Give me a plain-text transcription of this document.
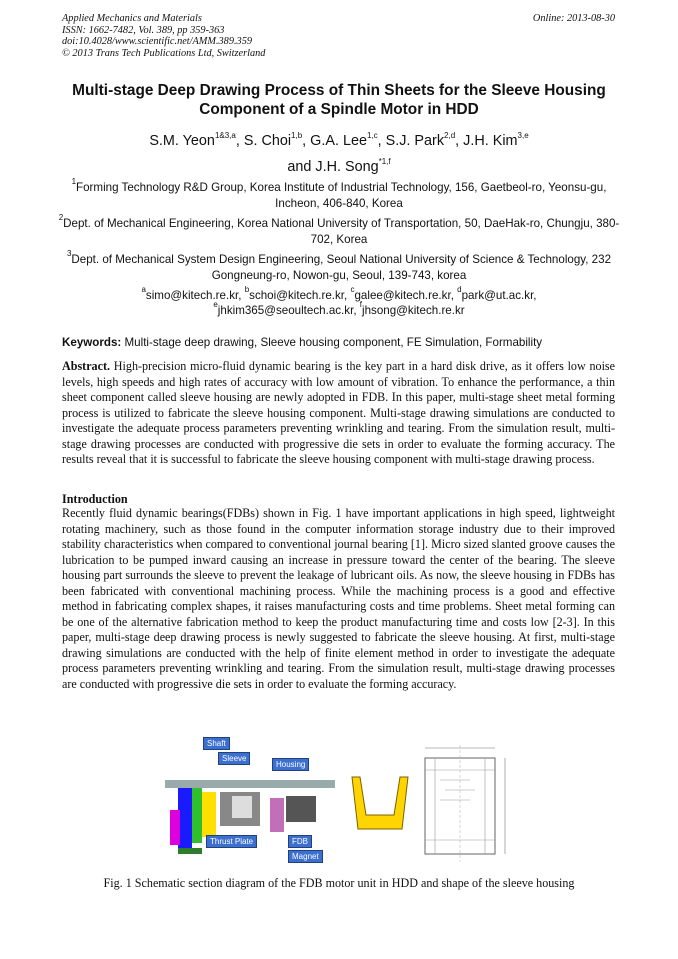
Applied Mechanics and Materials
ISSN: 1662-7482, Vol. 389, pp 359-363
doi:10.4028/www.scientific.net/AMM.389.359
© 2013 Trans Tech Publications Ltd, Switzerland
Online: 2013-08-30
Multi-stage Deep Drawing Process of Thin Sheets for the Sleeve Housing
Component of a Spindle Motor in HDD
S.M. Yeon$^{1\&3,a}$, S. Choi$^{1,b}$, G.A. Lee$^{1,c}$, S.J. Park$^{2,d}$, J.H. Kim$^{3,e}$
and J.H. Song$^{*1,f}$
$^1$Forming Technology R&D Group, Korea Institute of Industrial Technology, 156, Gaetbeol-ro, Yeonsu-gu, Incheon, 406-840, Korea
$^2$Dept. of Mechanical Engineering, Korea National University of Transportation, 50, DaeHak-ro, Chungju, 380-702, Korea
$^3$Dept. of Mechanical System Design Engineering, Seoul National University of Science & Technology, 232 Gongneung-ro, Nowon-gu, Seoul, 139-743, korea
$^a$simo@kitech.re.kr, $^b$schoi@kitech.re.kr, $^c$galee@kitech.re.kr, $^d$park@ut.ac.kr,
$^e$jhkim365@seoultech.ac.kr, $^f$jhsong@kitech.re.kr
Keywords: Multi-stage deep drawing, Sleeve housing component, FE Simulation, Formability
Abstract. High-precision micro-fluid dynamic bearing is the key part in a hard disk drive, as it offers low noise levels, high speeds and high rates of accuracy with low amount of vibration. To enhance the performance, a thin sheet component called sleeve housing are newly adopted in FDB. In this paper, multi-stage sheet metal forming process is utilized to fabricate the sleeve housing component. Multi-stage drawing simulations are conducted to investigate the adequate process parameters preventing wrinkling and tearing. From the simulation result, multi-stage drawing processes are conducted with progressive die sets in order to evaluate the forming accuracy. The results reveal that it is successful to fabricate the sleeve housing component with multi-stage drawing process.
Introduction
Recently fluid dynamic bearings(FDBs) shown in Fig. 1 have important applications in high speed, lightweight rotating machinery, such as those found in the computer information storage industry due to their improved stability characteristics when compared to conventional journal bearing [1]. Micro sized slanted groove causes the lubrication to be pumped inward causing an increase in pressure toward the center of the bearing. The sleeve housing part surrounds the sleeve to prevent the leakage of lubricant oils. As now, the sleeve housing in FDBs has been fabricated with conventional machining process. While the machining process is a good and effective method in fabricating complex shapes, it raises manufacturing costs and time problems. Sheet metal forming can be one of the alternative fabrication method to keep the product manufacturing time and costs low [2-3]. In this paper, multi-stage deep drawing process is newly suggested to fabricate the sleeve housing. At first, multi-stage drawing simulations are conducted with the help of finite element method in order to investigate the adequate process parameters preventing wrinkling and tearing. From the simulation result, multi-stage drawing processes are conducted with progressive die sets in order to evaluate the forming accuracy.
Shaft
Sleeve
Housing
Thrust Plate	FDB
Magnet
Fig. 1 Schematic section diagram of the FDB motor unit in HDD and shape of the sleeve housing
